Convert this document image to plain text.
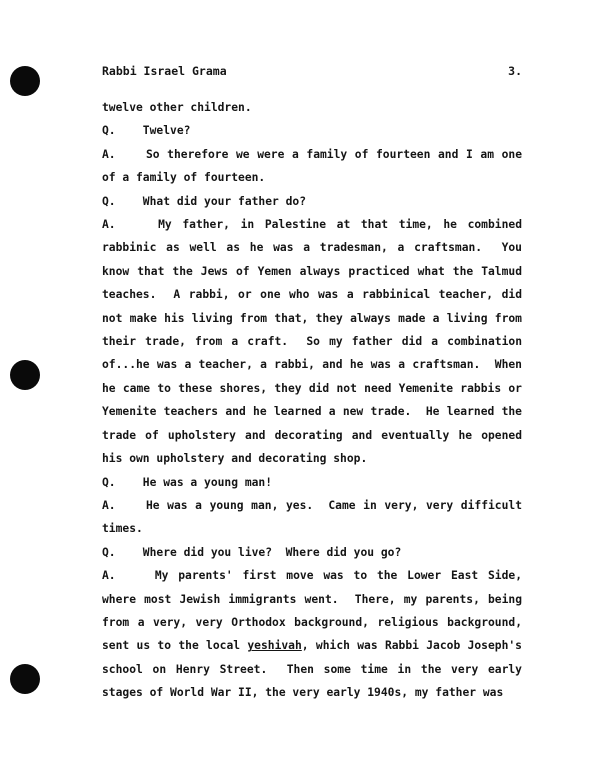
Rabbi Israel Grama	3.

twelve other children.

Q.    Twelve?

A.    So therefore we were a family of fourteen and I am one of a family of fourteen.

Q.    What did your father do?

A.    My father, in Palestine at that time, he combined rabbinic as well as he was a tradesman, a craftsman.  You know that the Jews of Yemen always practiced what the Talmud teaches.  A rabbi, or one who was a rabbinical teacher, did not make his living from that, they always made a living from their trade, from a craft.  So my father did a combination of...he was a teacher, a rabbi, and he was a craftsman.  When he came to these shores, they did not need Yemenite rabbis or Yemenite teachers and he learned a new trade.  He learned the trade of upholstery and decorating and eventually he opened his own upholstery and decorating shop.

Q.    He was a young man!

A.    He was a young man, yes.  Came in very, very difficult times.

Q.    Where did you live?  Where did you go?

A.    My parents' first move was to the Lower East Side, where most Jewish immigrants went.  There, my parents, being from a very, very Orthodox background, religious background, sent us to the local yeshivah, which was Rabbi Jacob Joseph's school on Henry Street.  Then some time in the very early stages of World War II, the very early 1940s, my father was
